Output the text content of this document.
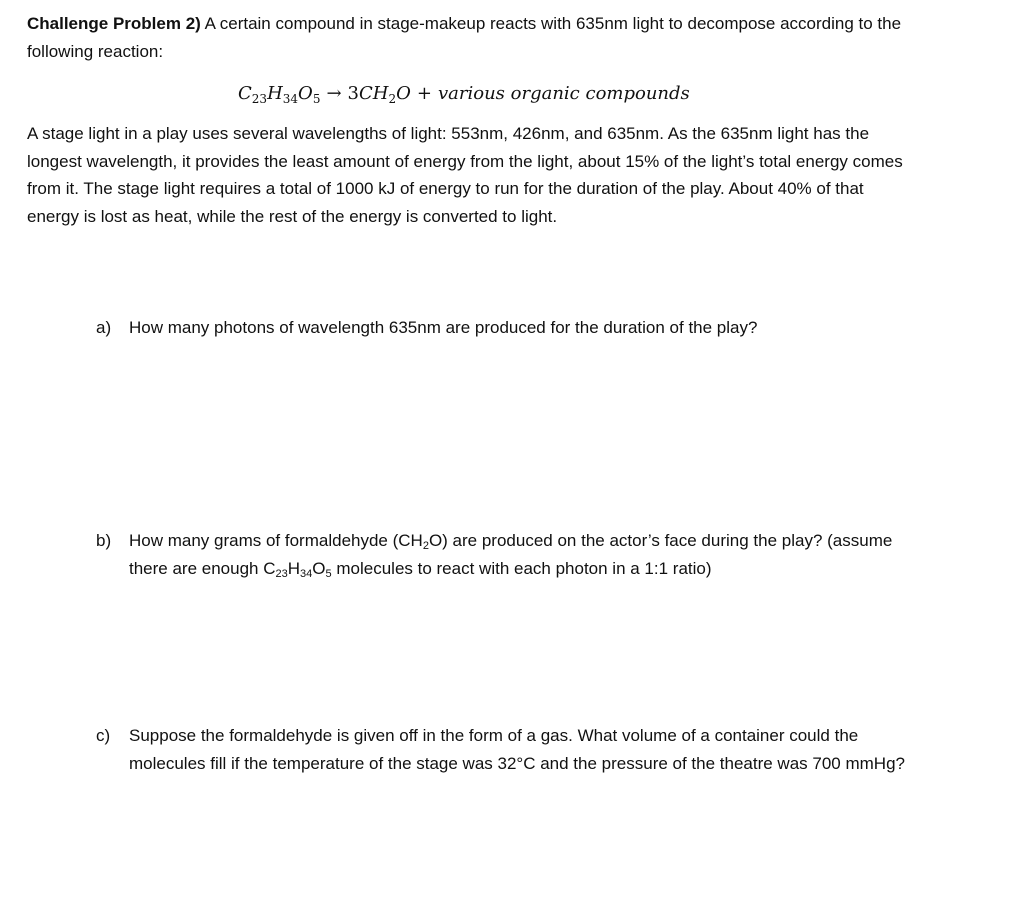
Challenge Problem 2) A certain compound in stage-makeup reacts with 635nm light to decompose according to the following reaction:
$C_{23}H_{34}O_5 \to 3CH_2O$ + various organic compounds
A stage light in a play uses several wavelengths of light: 553nm, 426nm, and 635nm. As the 635nm light has the longest wavelength, it provides the least amount of energy from the light, about 15% of the light’s total energy comes from it. The stage light requires a total of 1000 kJ of energy to run for the duration of the play. About 40% of that energy is lost as heat, while the rest of the energy is converted to light.
a) How many photons of wavelength 635nm are produced for the duration of the play?
b) How many grams of formaldehyde $(CH_2O)$ are produced on the actor’s face during the play? (assume there are enough $C_{23}H_{34}O_5$ molecules to react with each photon in a 1:1 ratio)
c) Suppose the formaldehyde is given off in the form of a gas. What volume of a container could the molecules fill if the temperature of the stage was 32°C and the pressure of the theatre was 700 mmHg?
